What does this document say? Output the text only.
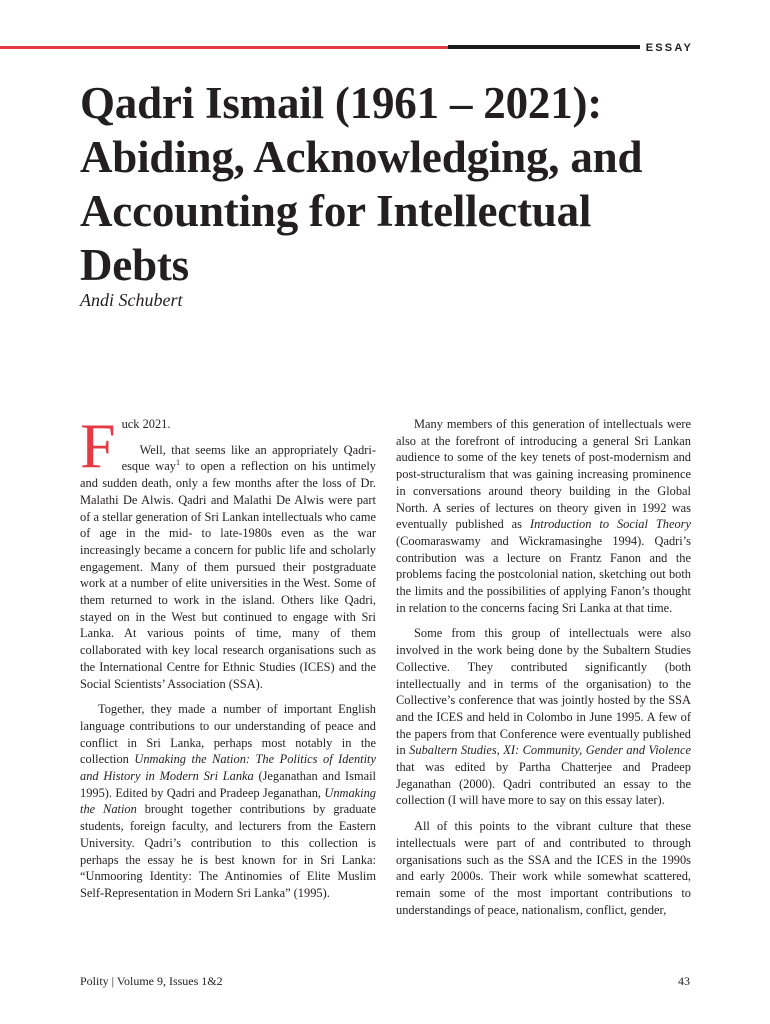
ESSAY
Qadri Ismail (1961 – 2021): Abiding, Acknowledging, and Accounting for Intellectual Debts

Andi Schubert

Fuck 2021.

Well, that seems like an appropriately Qadri-esque way$^1$ to open a reflection on his untimely and sudden death, only a few months after the loss of Dr. Malathi De Alwis. Qadri and Malathi De Alwis were part of a stellar generation of Sri Lankan intellectuals who came of age in the mid- to late-1980s even as the war increasingly became a concern for public life and scholarly engagement. Many of them pursued their postgraduate work at a number of elite universities in the West. Some of them returned to work in the island. Others like Qadri, stayed on in the West but continued to engage with Sri Lanka. At various points of time, many of them collaborated with key local research organisations such as the International Centre for Ethnic Studies (ICES) and the Social Scientists’ Association (SSA).

Together, they made a number of important English language contributions to our understanding of peace and conflict in Sri Lanka, perhaps most notably in the collection Unmaking the Nation: The Politics of Identity and History in Modern Sri Lanka (Jeganathan and Ismail 1995). Edited by Qadri and Pradeep Jeganathan, Unmaking the Nation brought together contributions by graduate students, foreign faculty, and lecturers from the Eastern University. Qadri’s contribution to this collection is perhaps the essay he is best known for in Sri Lanka: “Unmooring Identity: The Antinomies of Elite Muslim Self-Representation in Modern Sri Lanka” (1995).

Many members of this generation of intellectuals were also at the forefront of introducing a general Sri Lankan audience to some of the key tenets of post-modernism and post-structuralism that was gaining increasing prominence in conversations around theory building in the Global North. A series of lectures on theory given in 1992 was eventually published as Introduction to Social Theory (Coomaraswamy and Wickramasinghe 1994). Qadri’s contribution was a lecture on Frantz Fanon and the problems facing the postcolonial nation, sketching out both the limits and the possibilities of applying Fanon’s thought in relation to the concerns facing Sri Lanka at that time.

Some from this group of intellectuals were also involved in the work being done by the Subaltern Studies Collective. They contributed significantly (both intellectually and in terms of the organisation) to the Collective’s conference that was jointly hosted by the SSA and the ICES and held in Colombo in June 1995. A few of the papers from that Conference were eventually published in Subaltern Studies, XI: Community, Gender and Violence that was edited by Partha Chatterjee and Pradeep Jeganathan (2000). Qadri contributed an essay to the collection (I will have more to say on this essay later).

All of this points to the vibrant culture that these intellectuals were part of and contributed to through organisations such as the SSA and the ICES in the 1990s and early 2000s. Their work while somewhat scattered, remain some of the most important contributions to understandings of peace, nationalism, conflict, gender,

Polity | Volume 9, Issues 1&2	43
